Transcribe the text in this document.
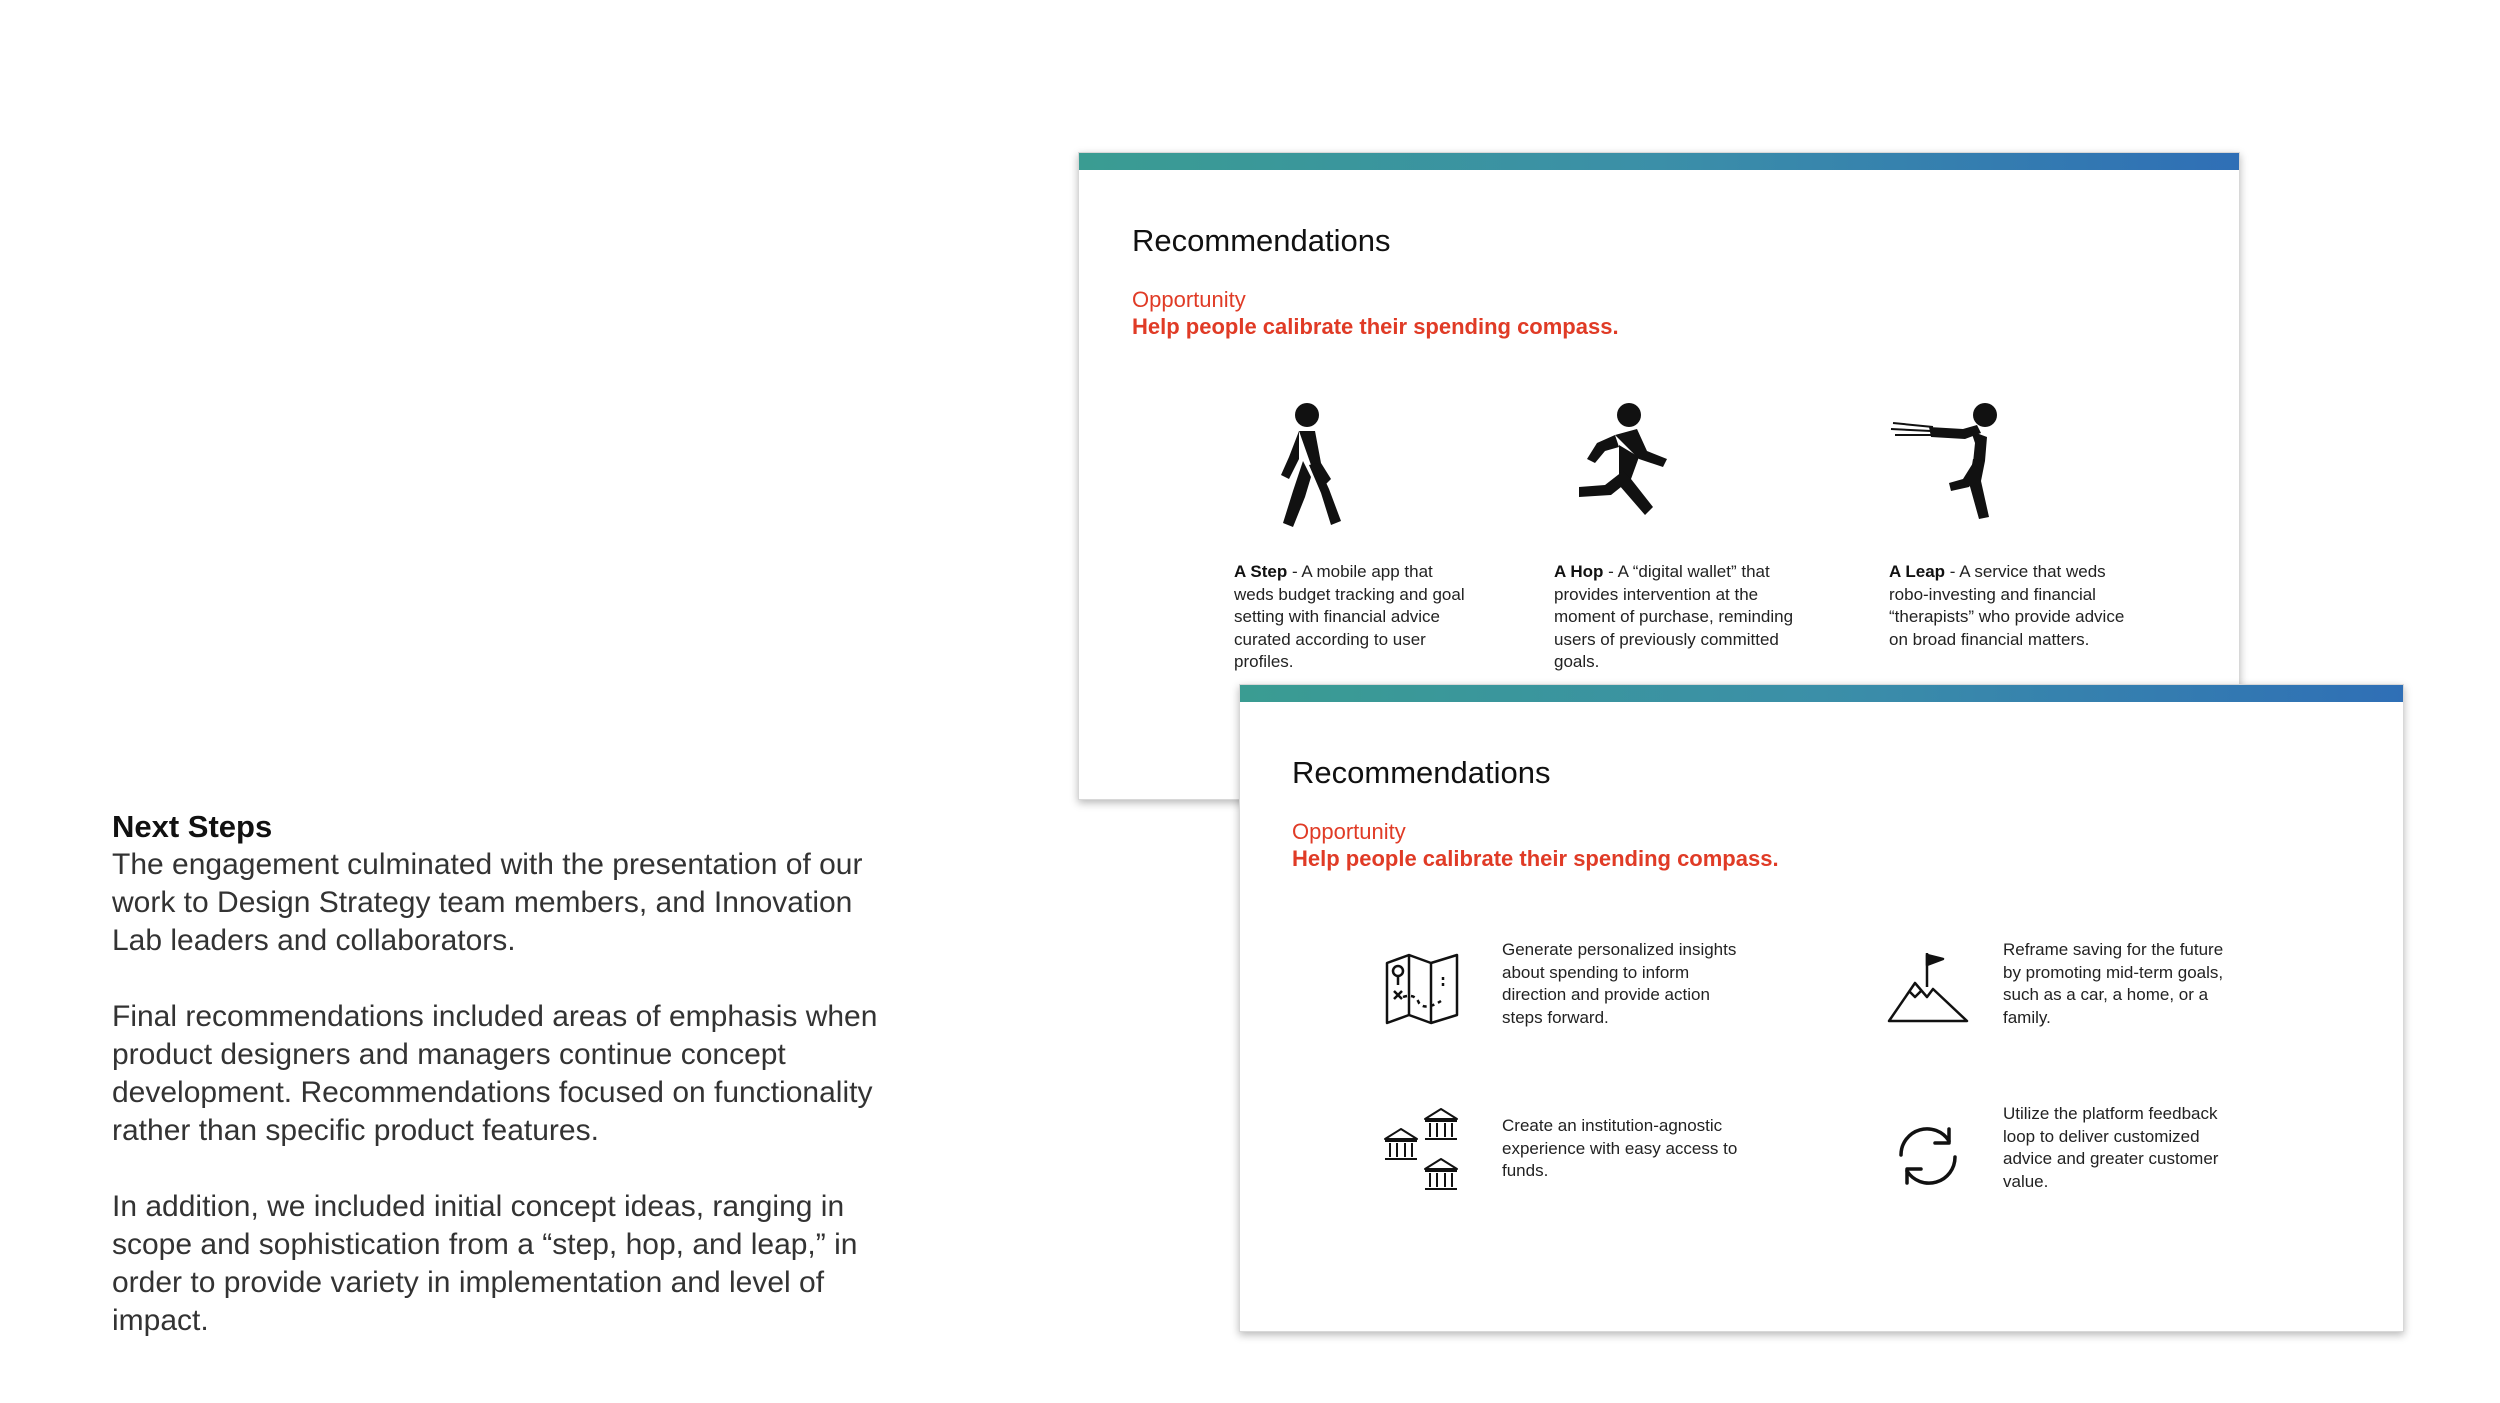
Next Steps

The engagement culminated with the presentation of our work to Design Strategy team members, and Innovation Lab leaders and collaborators.

Final recommendations included areas of emphasis when product designers and managers continue concept development. Recommendations focused on functionality rather than specific product features.

In addition, we included initial concept ideas, ranging in scope and sophistication from a “step, hop, and leap,” in order to provide variety in implementation and level of impact.

Recommendations
Opportunity
Help people calibrate their spending compass.
A Step - A mobile app that weds budget tracking and goal setting with financial advice curated according to user profiles.
A Hop - A “digital wallet” that provides intervention at the moment of purchase, reminding users of previously committed goals.
A Leap - A service that weds robo-investing and financial “therapists” who provide advice on broad financial matters.
Recommendations
Opportunity
Help people calibrate their spending compass.
Generate personalized insights about spending to inform direction and provide action steps forward.
Reframe saving for the future by promoting mid-term goals, such as a car, a home, or a family.
Create an institution-agnostic experience with easy access to funds.
Utilize the platform feedback loop to deliver customized advice and greater customer value.
